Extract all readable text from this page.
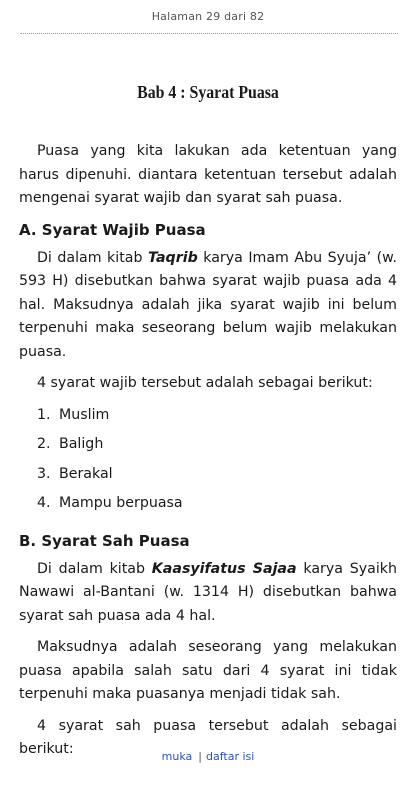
Halaman 29 dari 82
Bab 4 : Syarat Puasa

Puasa yang kita lakukan ada ketentuan yang harus dipenuhi. diantara ketentuan tersebut adalah mengenai syarat wajib dan syarat sah puasa.

A. Syarat Wajib Puasa

Di dalam kitab Taqrib karya Imam Abu Syuja’ (w. 593 H) disebutkan bahwa syarat wajib puasa ada 4 hal. Maksudnya adalah jika syarat wajib ini belum terpenuhi maka seseorang belum wajib melakukan puasa.

4 syarat wajib tersebut adalah sebagai berikut:

1. Muslim
2. Baligh
3. Berakal
4. Mampu berpuasa
B. Syarat Sah Puasa

Di dalam kitab Kaasyifatus Sajaa karya Syaikh Nawawi al-Bantani (w. 1314 H) disebutkan bahwa syarat sah puasa ada 4 hal.

Maksudnya adalah seseorang yang melakukan puasa apabila salah satu dari 4 syarat ini tidak terpenuhi maka puasanya menjadi tidak sah.

4 syarat sah puasa tersebut adalah sebagai berikut:	muka | daftar isi
